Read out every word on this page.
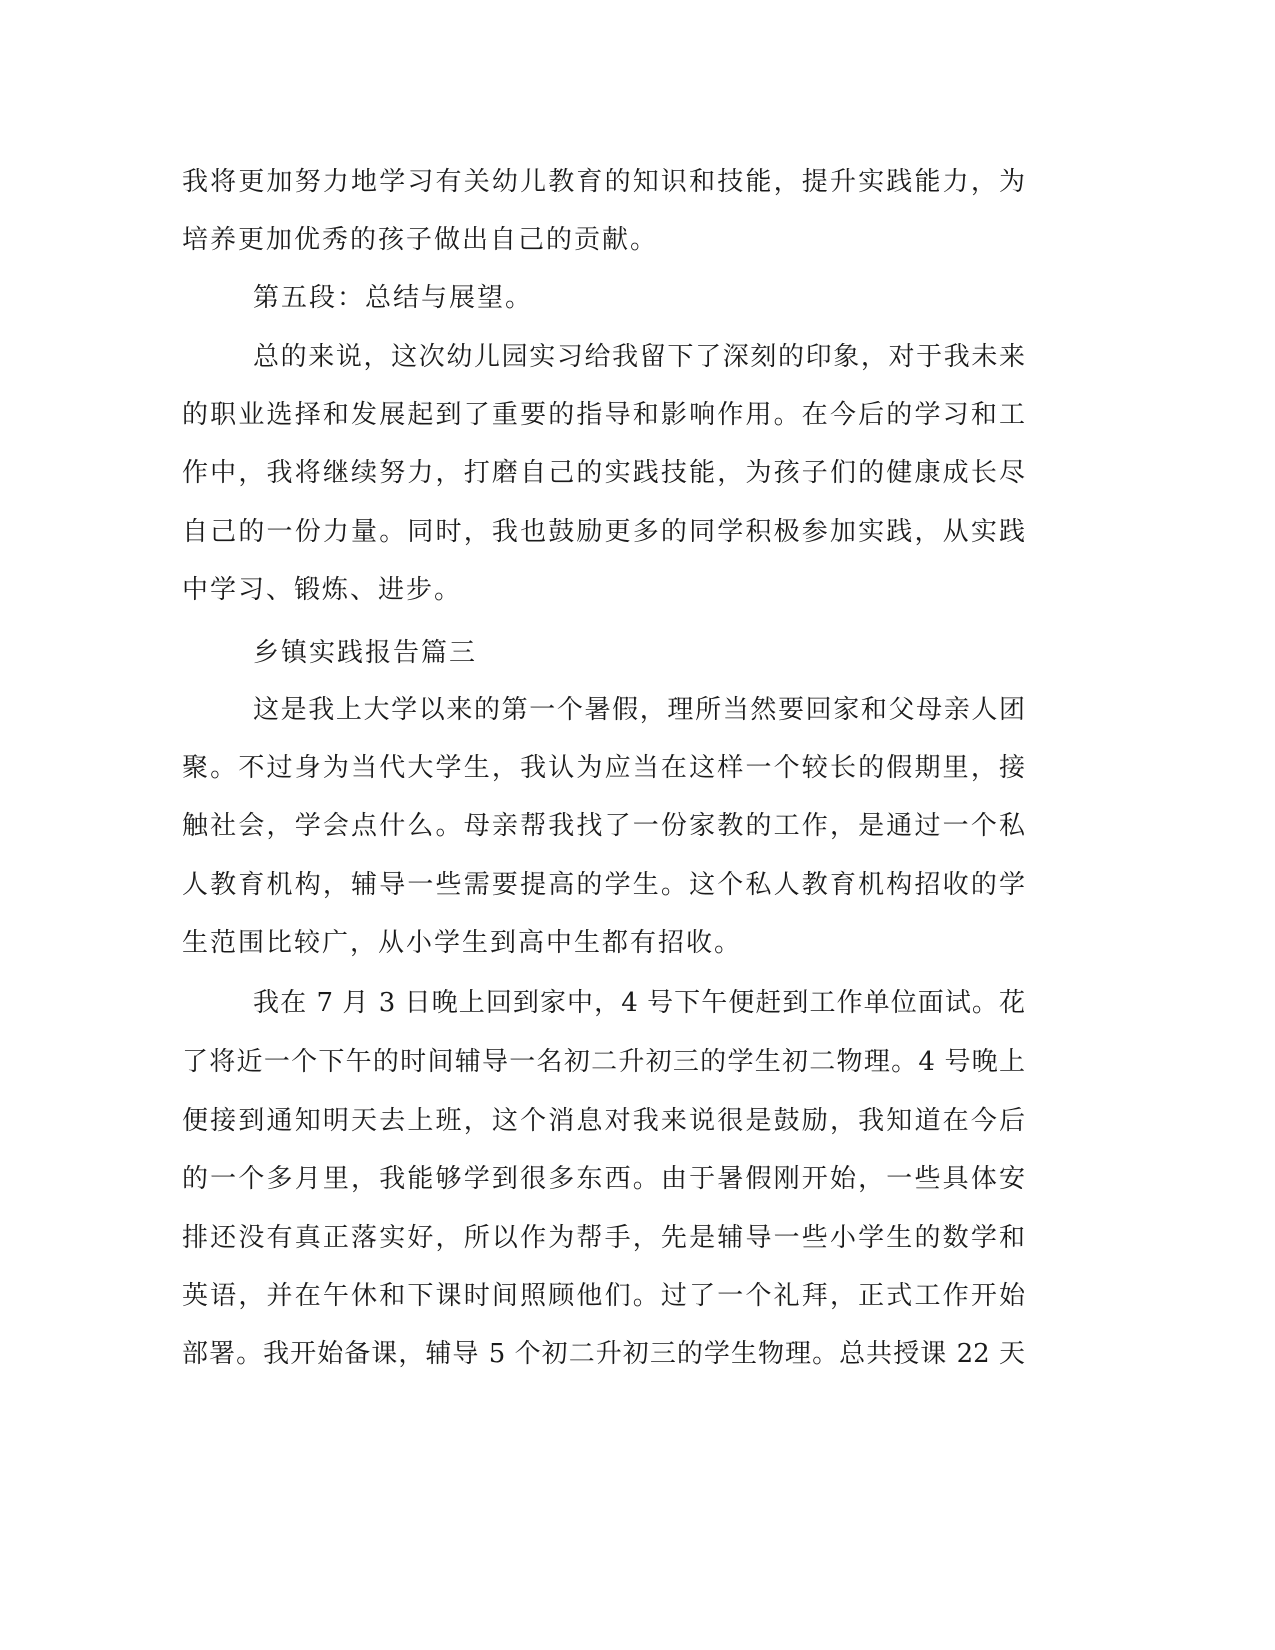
我将更加努力地学习有关幼儿教育的知识和技能，提升实践能力，为
培养更加优秀的孩子做出自己的贡献。
第五段：总结与展望。
总的来说，这次幼儿园实习给我留下了深刻的印象，对于我未来
的职业选择和发展起到了重要的指导和影响作用。在今后的学习和工
作中，我将继续努力，打磨自己的实践技能，为孩子们的健康成长尽
自己的一份力量。同时，我也鼓励更多的同学积极参加实践，从实践
中学习、锻炼、进步。
乡镇实践报告篇三
这是我上大学以来的第一个暑假，理所当然要回家和父母亲人团
聚。不过身为当代大学生，我认为应当在这样一个较长的假期里，接
触社会，学会点什么。母亲帮我找了一份家教的工作，是通过一个私
人教育机构，辅导一些需要提高的学生。这个私人教育机构招收的学
生范围比较广，从小学生到高中生都有招收。
我在 7 月 3 日晚上回到家中，4 号下午便赶到工作单位面试。花
了将近一个下午的时间辅导一名初二升初三的学生初二物理。4 号晚上
便接到通知明天去上班，这个消息对我来说很是鼓励，我知道在今后
的一个多月里，我能够学到很多东西。由于暑假刚开始，一些具体安
排还没有真正落实好，所以作为帮手，先是辅导一些小学生的数学和
英语，并在午休和下课时间照顾他们。过了一个礼拜，正式工作开始
部署。我开始备课，辅导 5 个初二升初三的学生物理。总共授课 22 天
